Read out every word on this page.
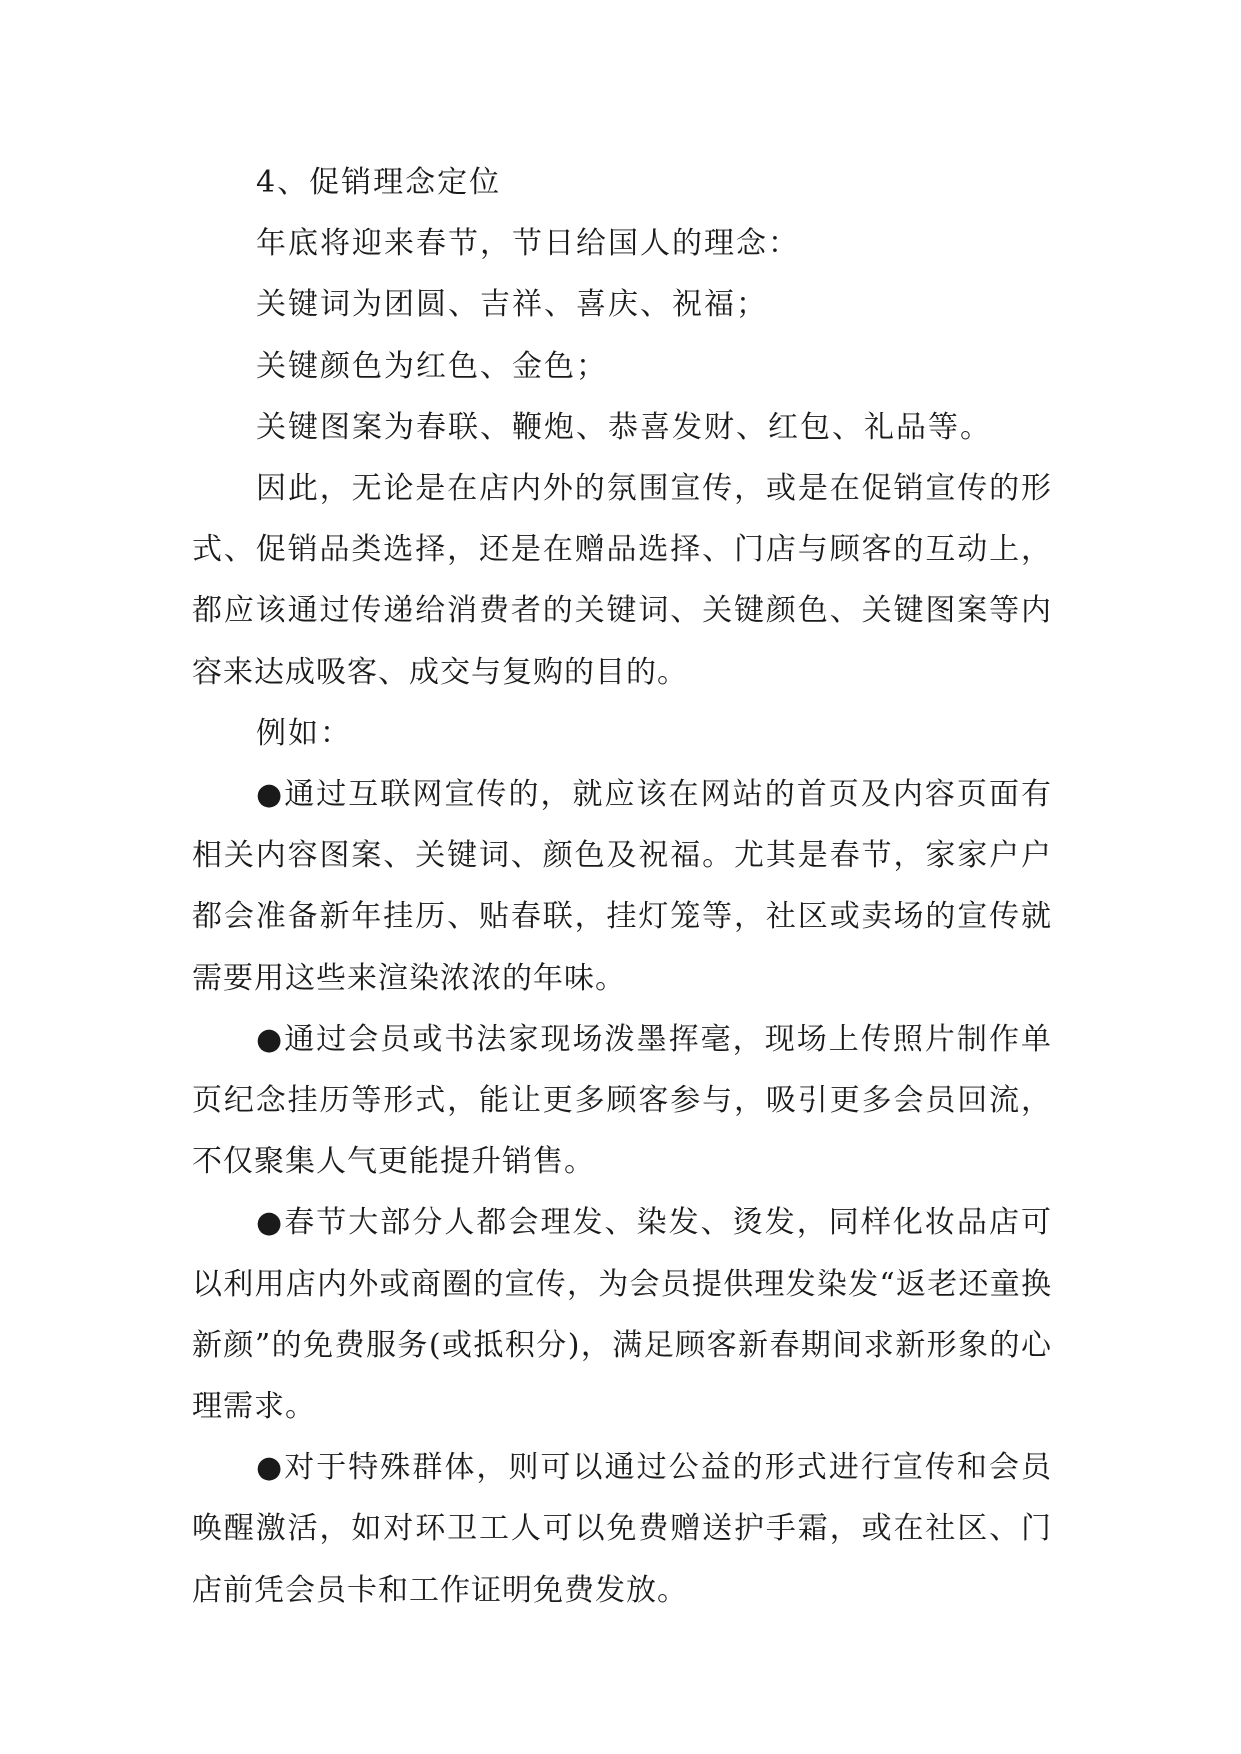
4、促销理念定位

年底将迎来春节，节日给国人的理念：

关键词为团圆、吉祥、喜庆、祝福；

关键颜色为红色、金色；

关键图案为春联、鞭炮、恭喜发财、红包、礼品等。

因此，无论是在店内外的氛围宣传，或是在促销宣传的形式、促销品类选择，还是在赠品选择、门店与顾客的互动上，都应该通过传递给消费者的关键词、关键颜色、关键图案等内容来达成吸客、成交与复购的目的。

例如：

●通过互联网宣传的，就应该在网站的首页及内容页面有相关内容图案、关键词、颜色及祝福。尤其是春节，家家户户都会准备新年挂历、贴春联，挂灯笼等，社区或卖场的宣传就需要用这些来渲染浓浓的年味。

●通过会员或书法家现场泼墨挥毫，现场上传照片制作单页纪念挂历等形式，能让更多顾客参与，吸引更多会员回流，不仅聚集人气更能提升销售。

●春节大部分人都会理发、染发、烫发，同样化妆品店可以利用店内外或商圈的宣传，为会员提供理发染发“返老还童换新颜”的免费服务(或抵积分)，满足顾客新春期间求新形象的心理需求。

●对于特殊群体，则可以通过公益的形式进行宣传和会员唤醒激活，如对环卫工人可以免费赠送护手霜，或在社区、门店前凭会员卡和工作证明免费发放。
